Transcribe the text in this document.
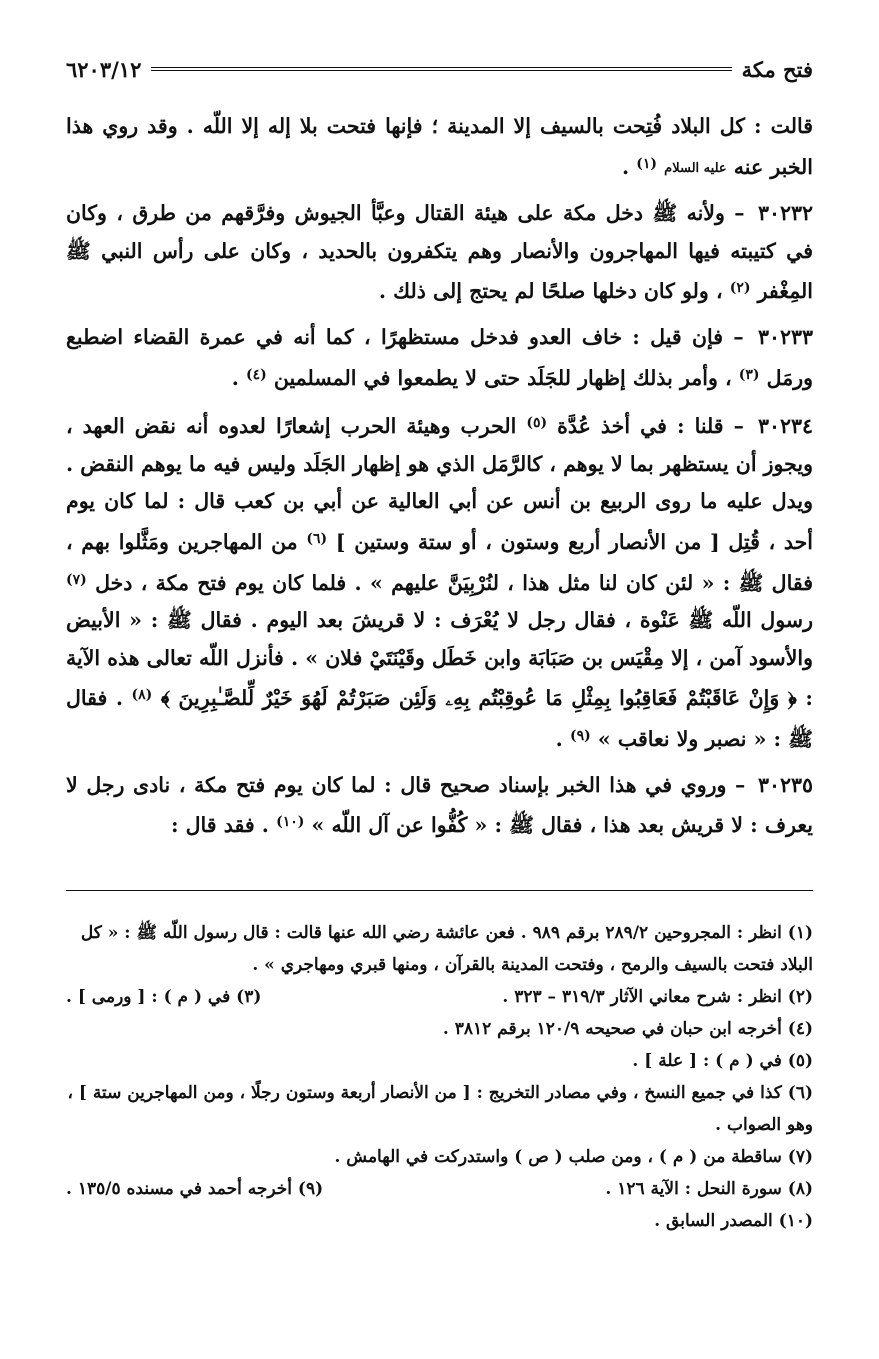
فتح مكة
٦٢٠٣/١٢

قالت : كل البلاد فُتِحت بالسيف إلا المدينة ؛ فإنها فتحت بلا إله إلا اللّه . وقد روي هذا الخبر عنه عليه السلام $^{(١)}$ .

٣٠٢٣٢ – ولأنه ﷺ دخل مكة على هيئة القتال وعبَّأ الجيوش وفرَّقهم من طرق ، وكان في كتيبته فيها المهاجرون والأنصار وهم يتكفرون بالحديد ، وكان على رأس النبي ﷺ المِغْفر $^{(٢)}$ ، ولو كان دخلها صلحًا لم يحتج إلى ذلك .

٣٠٢٣٣ – فإن قيل : خاف العدو فدخل مستظهرًا ، كما أنه في عمرة القضاء اضطبع ورمَل $^{(٣)}$ ، وأمر بذلك إظهار للجَلَد حتى لا يطمعوا في المسلمين $^{(٤)}$ .

٣٠٢٣٤ – قلنا : في أخذ عُدَّة $^{(٥)}$ الحرب وهيئة الحرب إشعارًا لعدوه أنه نقض العهد ، ويجوز أن يستظهر بما لا يوهم ، كالرَّمَل الذي هو إظهار الجَلَد وليس فيه ما يوهم النقض . ويدل عليه ما روى الربيع بن أنس عن أبي العالية عن أبي بن كعب قال : لما كان يوم أحد ، قُتِل [ من الأنصار أربع وستون ، أو ستة وستين ] $^{(٦)}$ من المهاجرين ومَثَّلوا بهم ، فقال ﷺ : « لئن كان لنا مثل هذا ، لنُرْبِيَنَّ عليهم » . فلما كان يوم فتح مكة ، دخل $^{(٧)}$ رسول اللّه ﷺ عَنْوة ، فقال رجل لا يُعْرَف : لا قريشَ بعد اليوم . فقال ﷺ : « الأبيض والأسود آمن ، إلا مِقْيَس بن صَبَابَة وابن خَطَل وقَيْنَتَيْ فلان » . فأنزل اللّه تعالى هذه الآية : ﴿ وَإِنْ عَاقَبْتُمْ فَعَاقِبُوا بِمِثْلِ مَا عُوقِبْتُم بِهِۦ وَلَئِن صَبَرْتُمْ لَهُوَ خَيْرٌ لِّلصَّـٰبِرِينَ ﴾ $^{(٨)}$ . فقال ﷺ : « نصبر ولا نعاقب » $^{(٩)}$ .

٣٠٢٣٥ – وروي في هذا الخبر بإسناد صحيح قال : لما كان يوم فتح مكة ، نادى رجل لا يعرف : لا قريش بعد هذا ، فقال ﷺ : « كُفُّوا عن آل اللّه » $^{(١٠)}$ . فقد قال :

(١) انظر : المجروحين ٢٨٩/٢ برقم ٩٨٩ . فعن عائشة رضي الله عنها قالت : قال رسول اللّه ﷺ : « كل البلاد فتحت بالسيف والرمح ، وفتحت المدينة بالقرآن ، ومنها قبري ومهاجري » .

(٢) انظر : شرح معاني الآثار ٣١٩/٣ – ٣٢٣ .

(٣) في ( م ) : [ ورمى ] .

(٤) أخرجه ابن حبان في صحيحه ١٢٠/٩ برقم ٣٨١٢ .

(٥) في ( م ) : [ علة ] .

(٦) كذا في جميع النسخ ، وفي مصادر التخريج : [ من الأنصار أربعة وستون رجلًا ، ومن المهاجرين ستة ] ، وهو الصواب .

(٧) ساقطة من ( م ) ، ومن صلب ( ص ) واستدركت في الهامش .

(٨) سورة النحل : الآية ١٢٦ .

(٩) أخرجه أحمد في مسنده ١٣٥/٥ .

(١٠) المصدر السابق .
